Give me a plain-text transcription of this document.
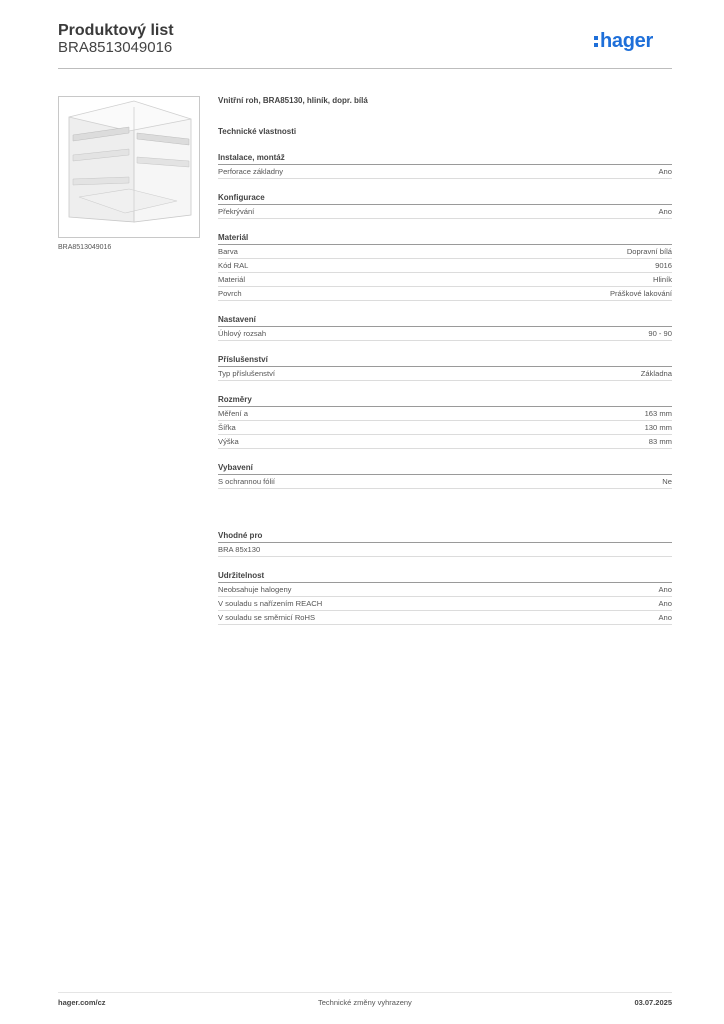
Produktový list
BRA8513049016	hager
BRA8513049016
Vnitřní roh, BRA85130, hliník, dopr. bílá
Technické vlastnosti
Instalace, montáž
Perforace základny	Ano
Konfigurace
Překrývání	Ano
Materiál
Barva	Dopravní bílá
Kód RAL	9016
Materiál	Hliník
Povrch	Práškové lakování
Nastavení
Úhlový rozsah	90 - 90
Příslušenství
Typ příslušenství	Základna
Rozměry
Měření a	163 mm
Šířka	130 mm
Výška	83 mm
Vybavení
S ochrannou fólií	Ne
Vhodné pro
BRA 85x130
Udržitelnost
Neobsahuje halogeny	Ano
V souladu s nařízením REACH	Ano
V souladu se směrnicí RoHS	Ano
hager.com/cz	Technické změny vyhrazeny	03.07.2025
